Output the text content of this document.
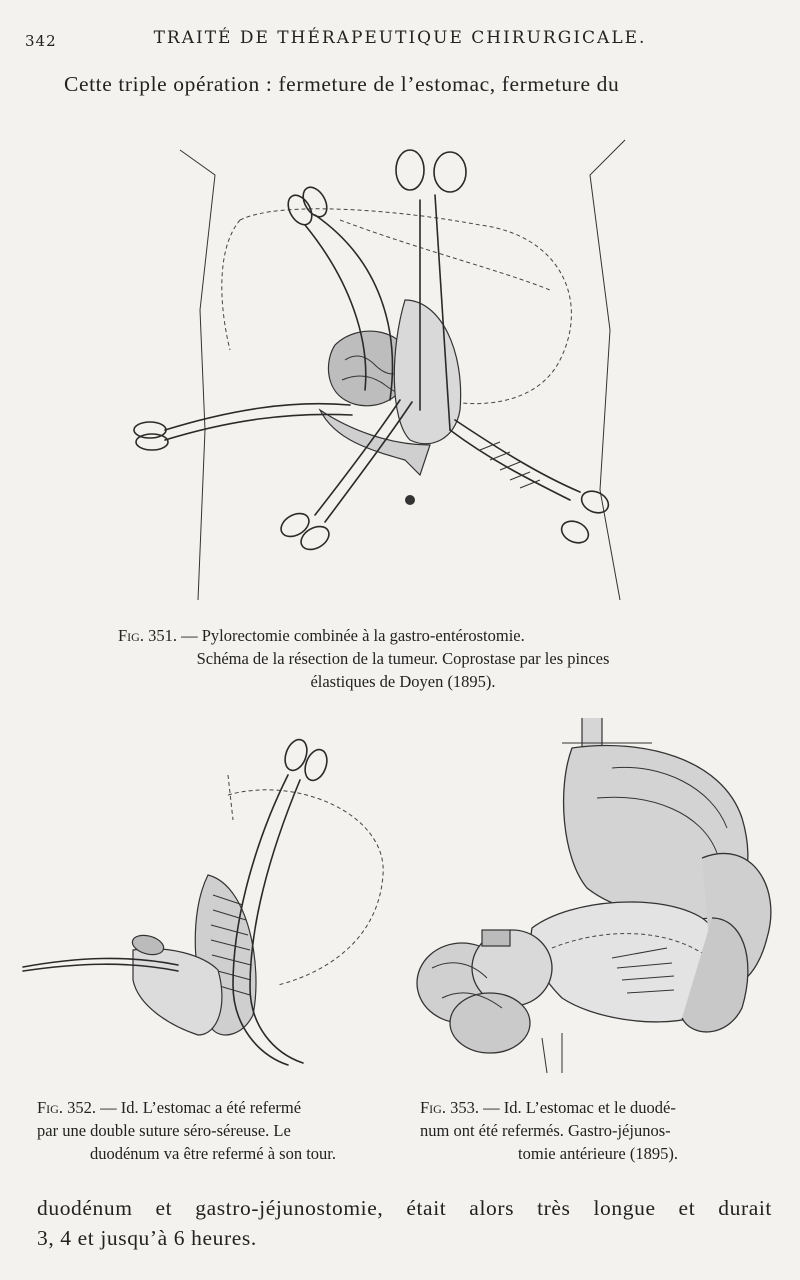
342	TRAITÉ DE THÉRAPEUTIQUE CHIRURGICALE.
Cette triple opération : fermeture de l’estomac, fermeture du
Fig. 351. — Pylorectomie combinée à la gastro-entérostomie.
Schéma de la résection de la tumeur. Coprostase par les pinces
élastiques de Doyen (1895).
Fig. 352. — Id. L’estomac a été refermé
par une double suture séro-séreuse. Le
duodénum va être refermé à son tour.
Fig. 353. — Id. L’estomac et le duodé-
num ont été refermés. Gastro-jéjunos-
tomie antérieure (1895).
duodénum et gastro-jéjunostomie, était alors très longue et durait
3, 4 et jusqu’à 6 heures.
